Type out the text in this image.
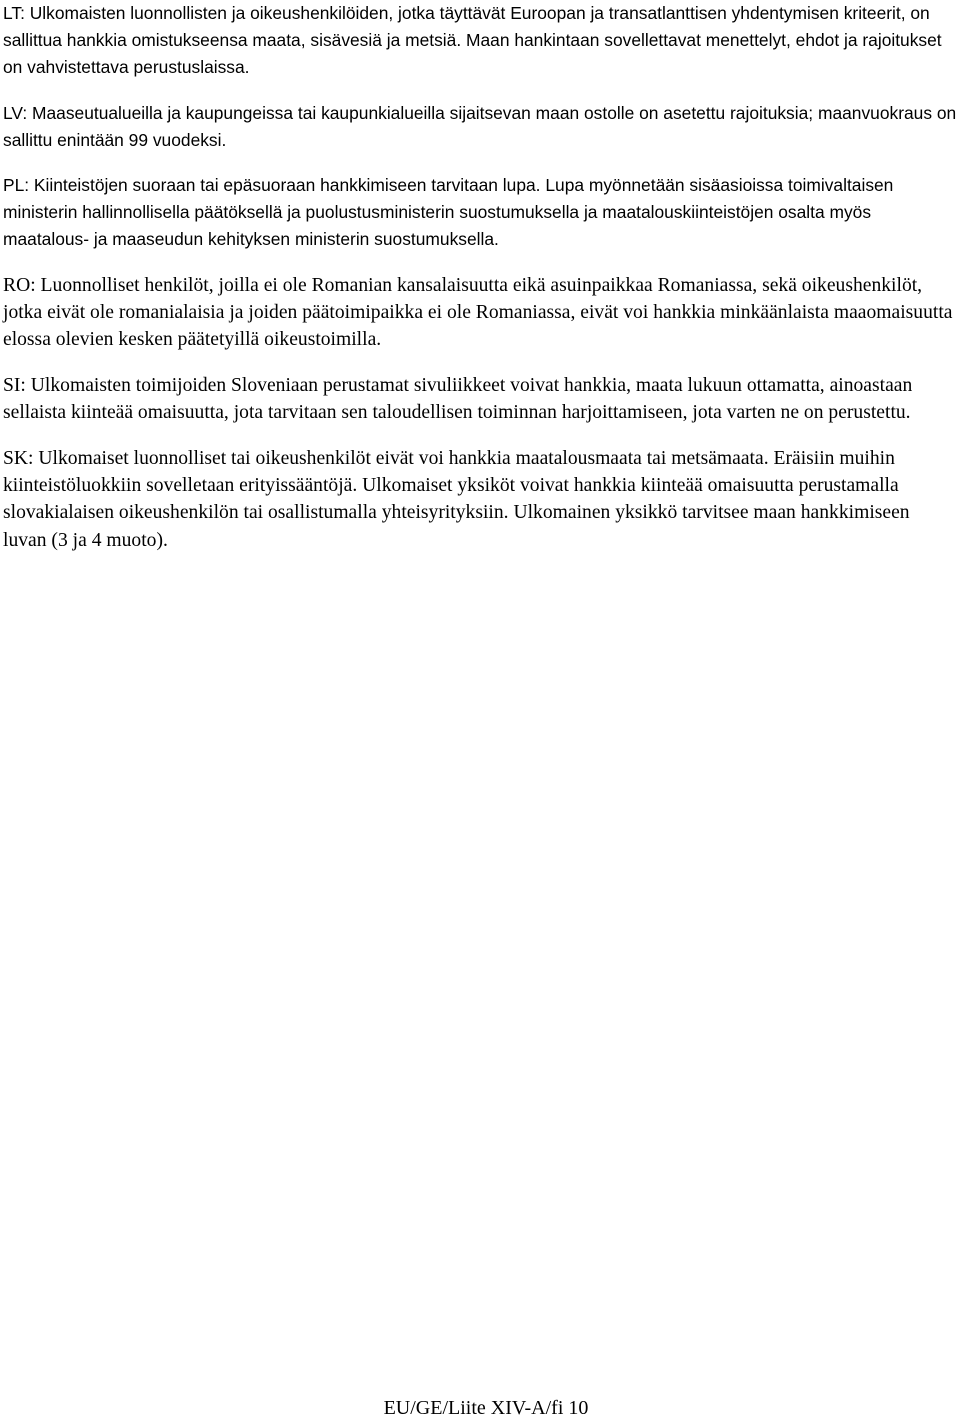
LT: Ulkomaisten luonnollisten ja oikeushenkilöiden, jotka täyttävät Euroopan ja transatlanttisen yhdentymisen kriteerit, on sallittua hankkia omistukseensa maata, sisävesiä ja metsiä. Maan hankintaan sovellettavat menettelyt, ehdot ja rajoitukset on vahvistettava perustuslaissa.

LV: Maaseutualueilla ja kaupungeissa tai kaupunkialueilla sijaitsevan maan ostolle on asetettu rajoituksia; maanvuokraus on sallittu enintään 99 vuodeksi.

PL: Kiinteistöjen suoraan tai epäsuoraan hankkimiseen tarvitaan lupa. Lupa myönnetään sisäasioissa toimivaltaisen ministerin hallinnollisella päätöksellä ja puolustusministerin suostumuksella ja maatalouskiinteistöjen osalta myös maatalous- ja maaseudun kehityksen ministerin suostumuksella.

RO: Luonnolliset henkilöt, joilla ei ole Romanian kansalaisuutta eikä asuinpaikkaa Romaniassa, sekä oikeushenkilöt, jotka eivät ole romanialaisia ja joiden päätoimipaikka ei ole Romaniassa, eivät voi hankkia minkäänlaista maaomaisuutta elossa olevien kesken päätetyillä oikeustoimilla.

SI: Ulkomaisten toimijoiden Sloveniaan perustamat sivuliikkeet voivat hankkia, maata lukuun ottamatta, ainoastaan sellaista kiinteää omaisuutta, jota tarvitaan sen taloudellisen toiminnan harjoittamiseen, jota varten ne on perustettu.

SK: Ulkomaiset luonnolliset tai oikeushenkilöt eivät voi hankkia maatalousmaata tai metsämaata. Eräisiin muihin kiinteistöluokkiin sovelletaan erityissääntöjä. Ulkomaiset yksiköt voivat hankkia kiinteää omaisuutta perustamalla slovakialaisen oikeushenkilön tai osallistumalla yhteisyrityksiin. Ulkomainen yksikkö tarvitsee maan hankkimiseen luvan (3 ja 4 muoto).

EU/GE/Liite XIV-A/fi 10
